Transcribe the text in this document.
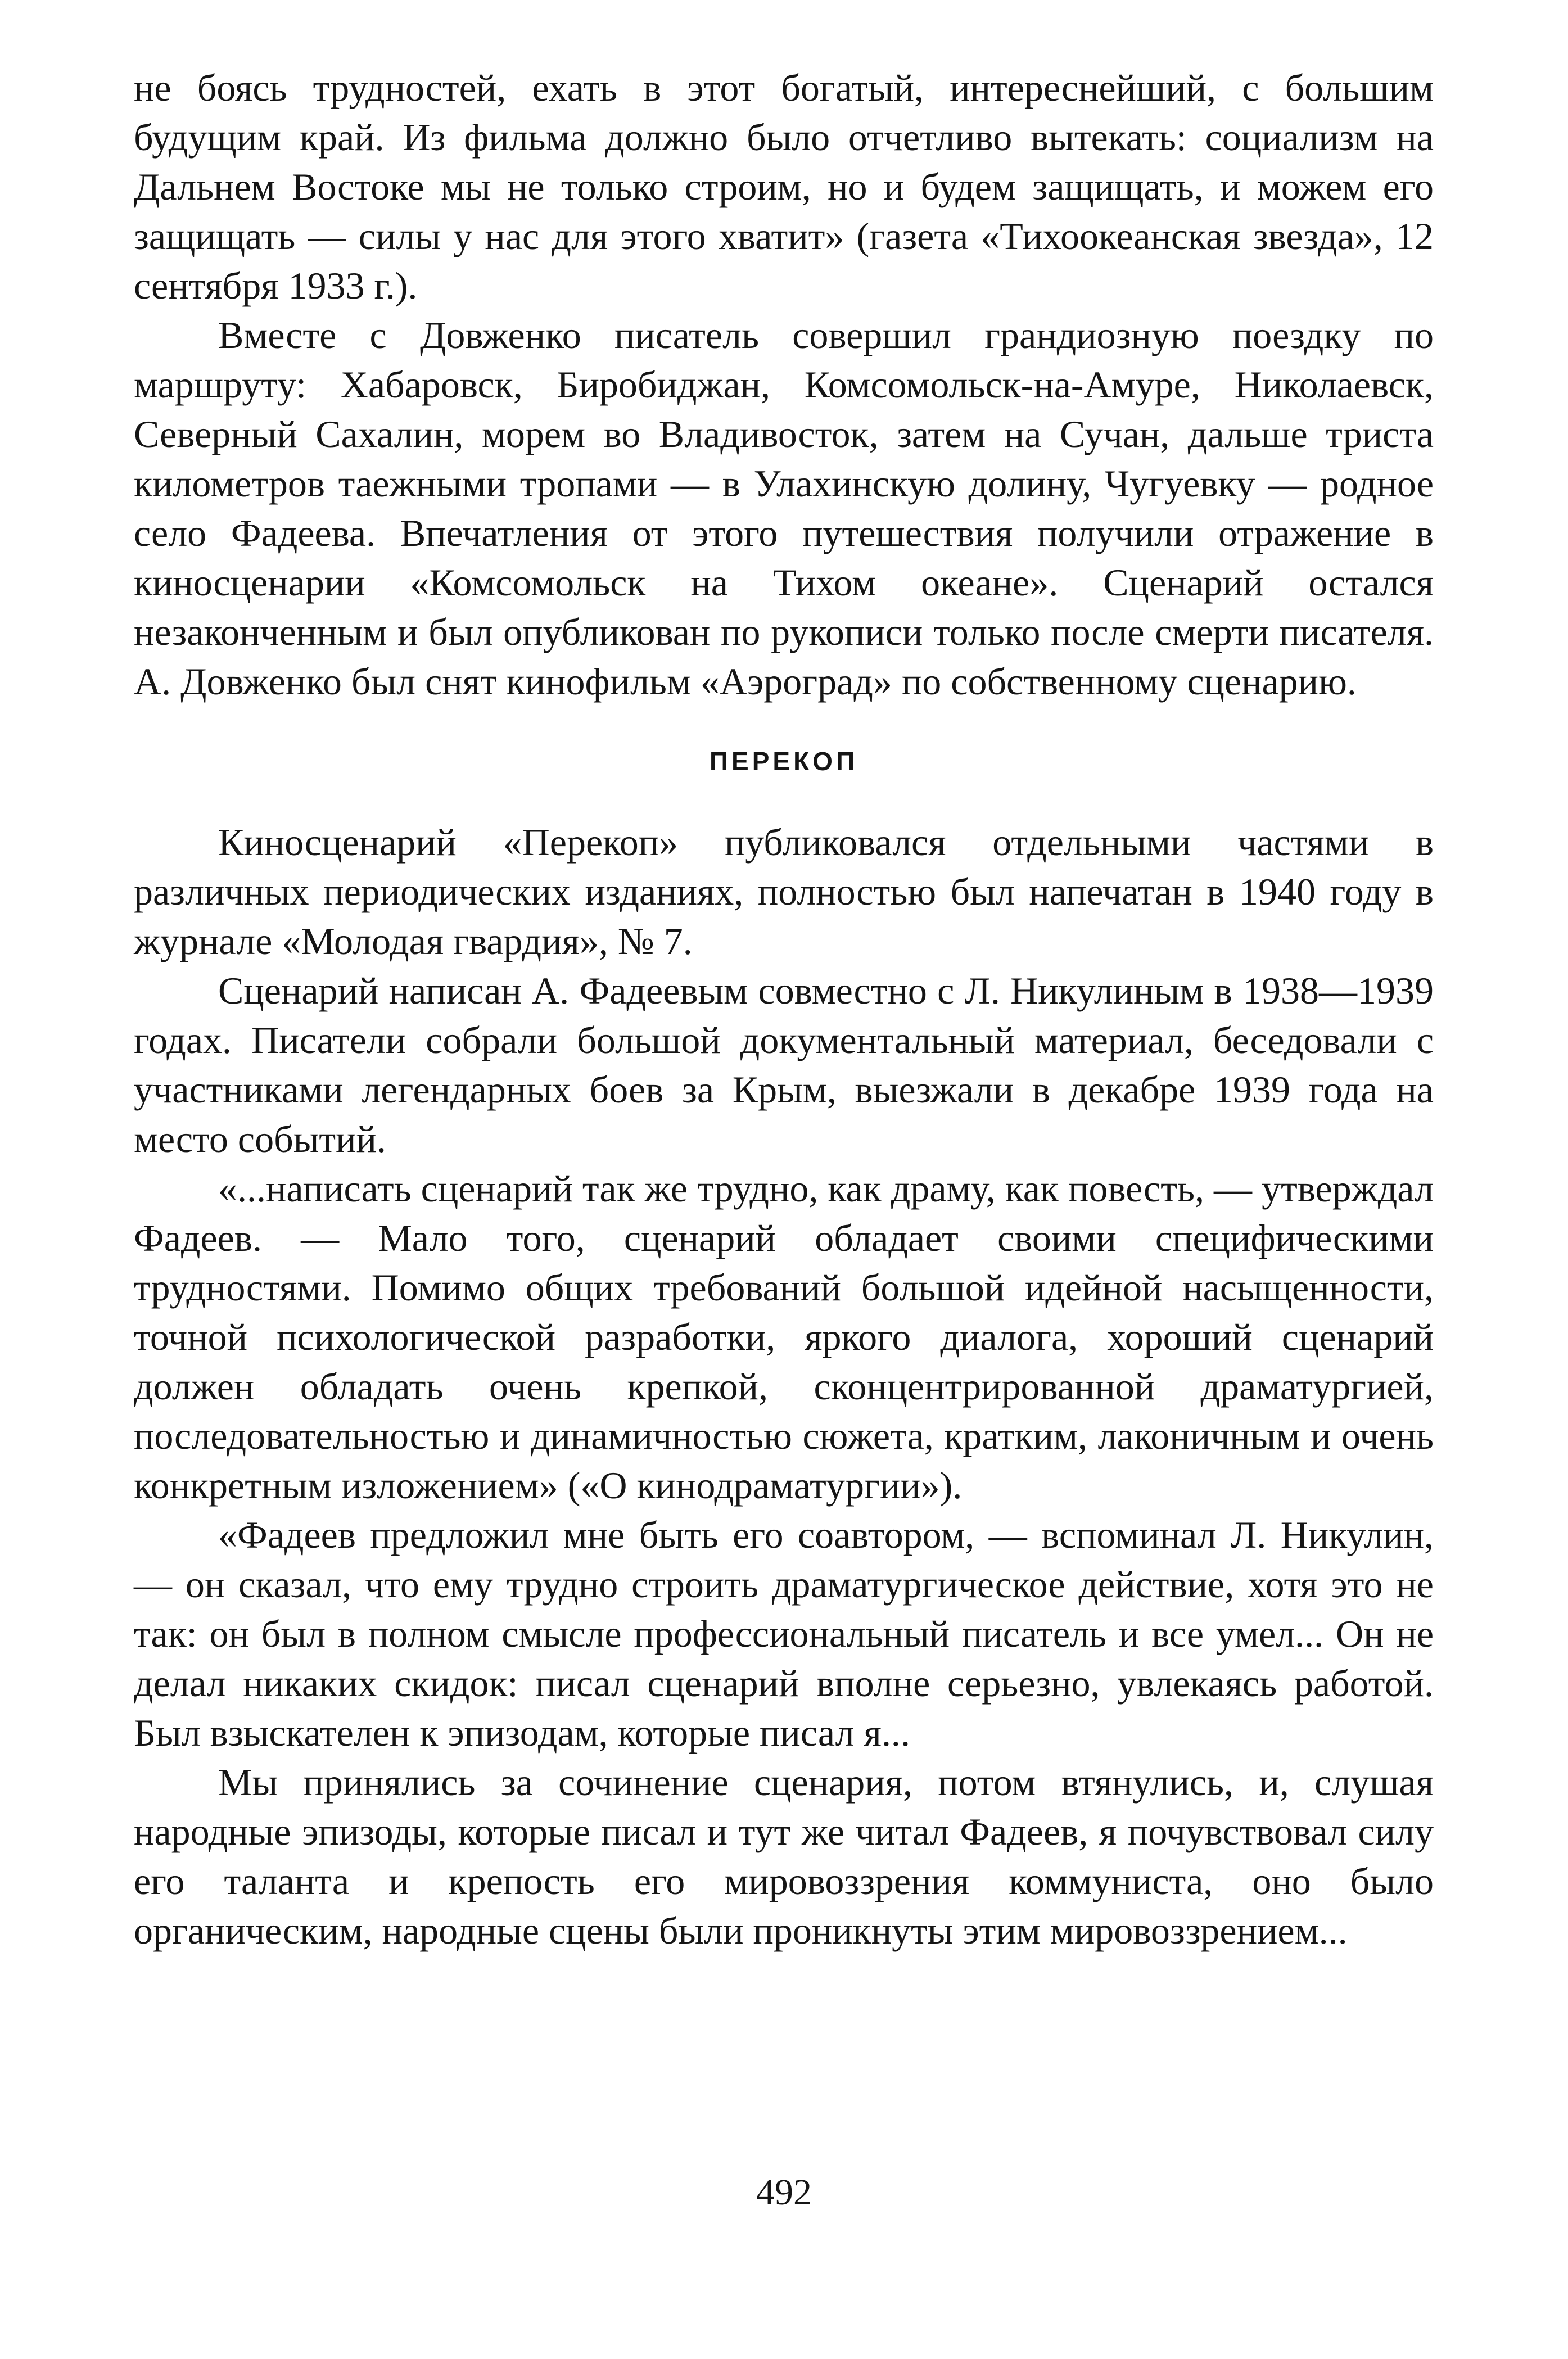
не боясь трудностей, ехать в этот богатый, интереснейший, с большим будущим край. Из фильма должно было отчетливо вытекать: социализм на Дальнем Востоке мы не только строим, но и будем защищать, и можем его защищать — силы у нас для этого хватит» (газета «Тихоокеанская звезда», 12 сентября 1933 г.).

Вместе с Довженко писатель совершил грандиозную поездку по маршруту: Хабаровск, Биробиджан, Комсомольск-на-Амуре, Николаевск, Северный Сахалин, морем во Владивосток, затем на Сучан, дальше триста километров таежными тропами — в Улахинскую долину, Чугуевку — родное село Фадеева. Впечатления от этого путешествия получили отражение в киносценарии «Комсомольск на Тихом океане». Сценарий остался незаконченным и был опубликован по рукописи только после смерти писателя. А. Довженко был снят кинофильм «Аэроград» по собственному сценарию.

ПЕРЕКОП

Киносценарий «Перекоп» публиковался отдельными частями в различных периодических изданиях, полностью был напечатан в 1940 году в журнале «Молодая гвардия», № 7.

Сценарий написан А. Фадеевым совместно с Л. Никулиным в 1938—1939 годах. Писатели собрали большой документальный материал, беседовали с участниками легендарных боев за Крым, выезжали в декабре 1939 года на место событий.

«...написать сценарий так же трудно, как драму, как повесть, — утверждал Фадеев. — Мало того, сценарий обладает своими специфическими трудностями. Помимо общих требований большой идейной насыщенности, точной психологической разработки, яркого диалога, хороший сценарий должен обладать очень крепкой, сконцентрированной драматургией, последовательностью и динамичностью сюжета, кратким, лаконичным и очень конкретным изложением» («О кинодраматургии»).

«Фадеев предложил мне быть его соавтором, — вспоминал Л. Никулин, — он сказал, что ему трудно строить драматургическое действие, хотя это не так: он был в полном смысле профессиональный писатель и все умел... Он не делал никаких скидок: писал сценарий вполне серьезно, увлекаясь работой. Был взыскателен к эпизодам, которые писал я...

Мы принялись за сочинение сценария, потом втянулись, и, слушая народные эпизоды, которые писал и тут же читал Фадеев, я почувствовал силу его таланта и крепость его мировоззрения коммуниста, оно было органическим, народные сцены были проникнуты этим мировоззрением...

492
